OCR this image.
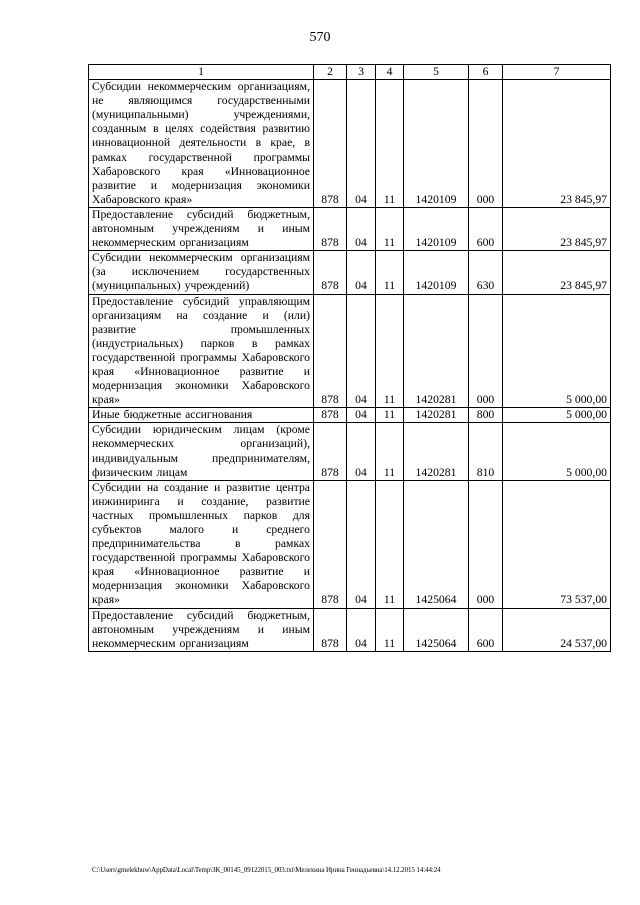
570
1	2	3	4	5	6	7
Субсидии некоммерческим организациям, не являющимся государственными (муниципальными) учреждениями, созданным в целях содействия развитию инновационной деятельности в крае, в рамках государственной программы Хабаровского края «Инновационное развитие и модернизация экономики Хабаровского края»	878	04	11	1420109	000	23 845,97
Предоставление субсидий бюджетным, автономным учреждениям и иным некоммерческим организациям	878	04	11	1420109	600	23 845,97
Субсидии некоммерческим организациям (за исключением государственных (муниципальных) учреждений)	878	04	11	1420109	630	23 845,97
Предоставление субсидий управляющим организациям на создание и (или) развитие промышленных (индустриальных) парков в рамках государственной программы Хабаровского края «Инновационное развитие и модернизация экономики Хабаровского края»	878	04	11	1420281	000	5 000,00
Иные бюджетные ассигнования	878	04	11	1420281	800	5 000,00
Субсидии юридическим лицам (кроме некоммерческих организаций), индивидуальным предпринимателям, физическим лицам	878	04	11	1420281	810	5 000,00
Субсидии на создание и развитие центра инжиниринга и создание, развитие частных промышленных парков для субъектов малого и среднего предпринимательства в рамках государственной программы Хабаровского края «Инновационное развитие и модернизация экономики Хабаровского края»	878	04	11	1425064	000	73 537,00
Предоставление субсидий бюджетным, автономным учреждениям и иным некоммерческим организациям	878	04	11	1425064	600	24 537,00
C:\Users\gmelekhuw\AppData\Local\Temp\ЗК_00145_09122015_003.txt\Мелехина Ирина Геннадьевна\14.12.2015 14:44:24
